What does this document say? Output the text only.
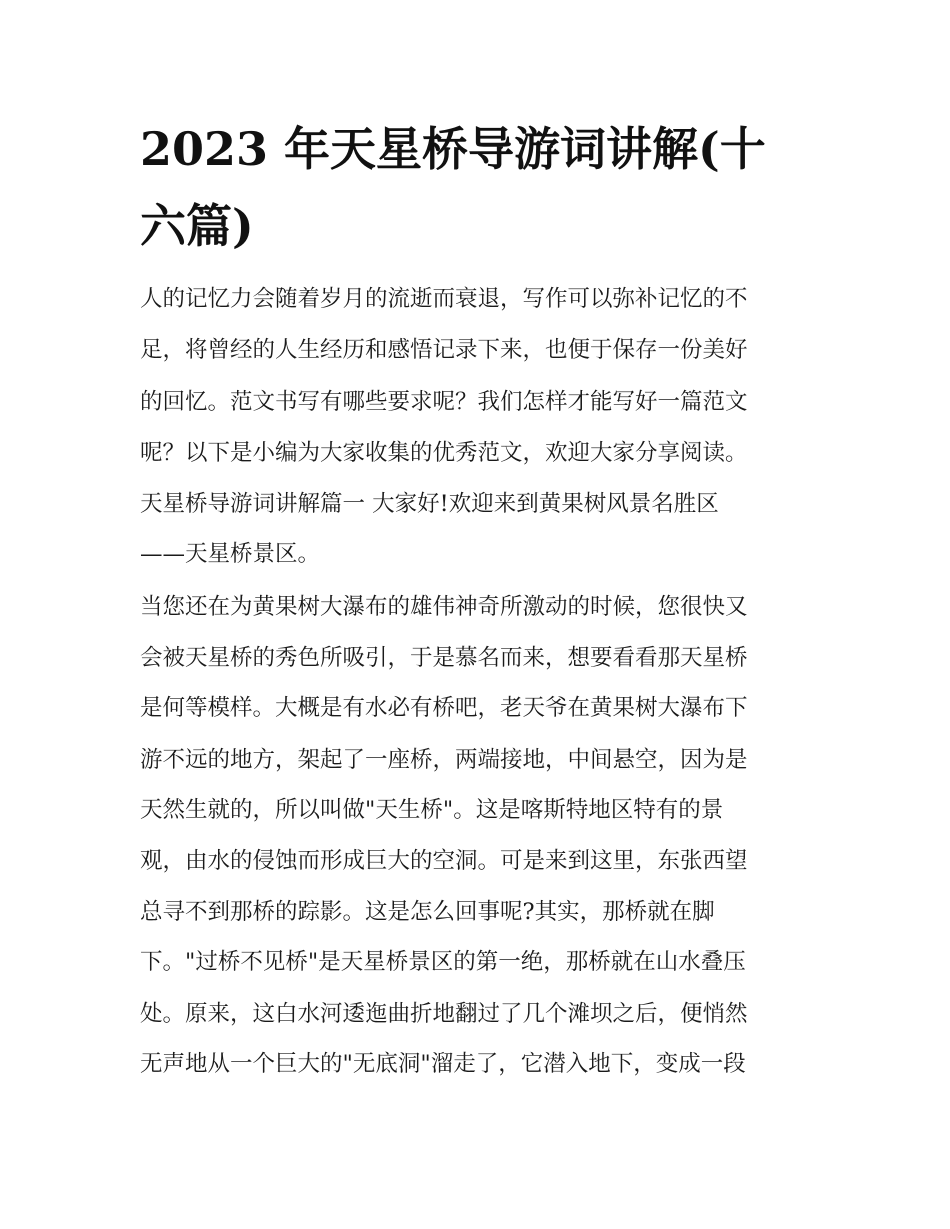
2023 年天星桥导游词讲解(十
六篇)

人的记忆力会随着岁月的流逝而衰退，写作可以弥补记忆的不

足，将曾经的人生经历和感悟记录下来，也便于保存一份美好

的回忆。范文书写有哪些要求呢？我们怎样才能写好一篇范文

呢？以下是小编为大家收集的优秀范文，欢迎大家分享阅读。

天星桥导游词讲解篇一 大家好!欢迎来到黄果树风景名胜区

——天星桥景区。

当您还在为黄果树大瀑布的雄伟神奇所激动的时候，您很快又

会被天星桥的秀色所吸引，于是慕名而来，想要看看那天星桥

是何等模样。大概是有水必有桥吧，老天爷在黄果树大瀑布下

游不远的地方，架起了一座桥，两端接地，中间悬空，因为是

天然生就的，所以叫做"天生桥"。这是喀斯特地区特有的景

观，由水的侵蚀而形成巨大的空洞。可是来到这里，东张西望

总寻不到那桥的踪影。这是怎么回事呢?其实，那桥就在脚

下。"过桥不见桥"是天星桥景区的第一绝，那桥就在山水叠压

处。原来，这白水河逶迤曲折地翻过了几个滩坝之后，便悄然

无声地从一个巨大的"无底洞"溜走了，它潜入地下，变成一段
